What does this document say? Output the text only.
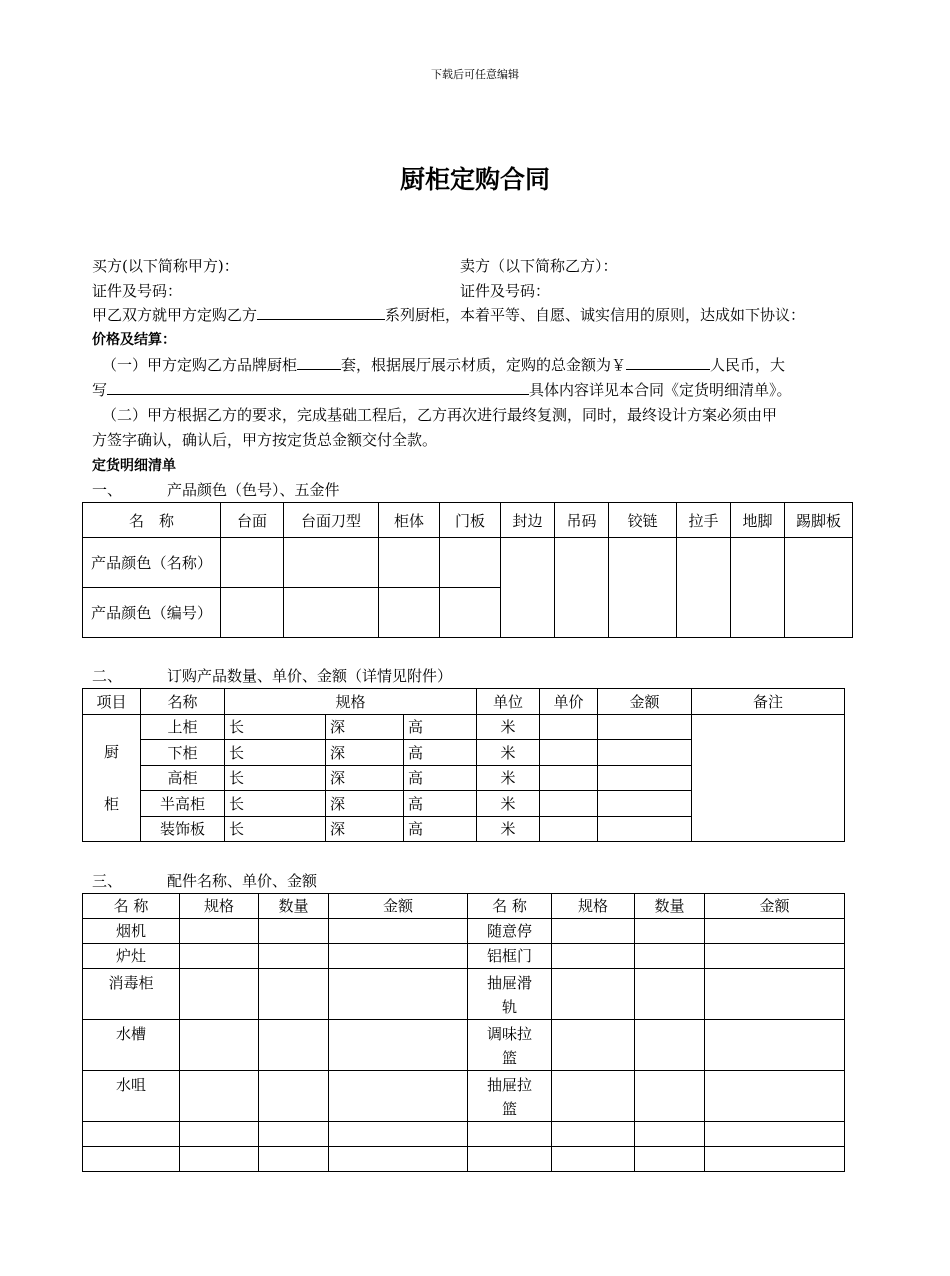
下载后可任意编辑
厨柜定购合同
买方(以下简称甲方)：	卖方（以下简称乙方）：
证件及号码：	证件及号码：
甲乙双方就甲方定购乙方	系列厨柜，本着平等、自愿、诚实信用的原则，达成如下协议：
价格及结算：
（一）甲方定购乙方品牌厨柜	套，根据展厅展示材质，定购的总金额为￥	人民币，大
写	具体内容详见本合同《定货明细清单》。
（二）甲方根据乙方的要求，完成基础工程后，乙方再次进行最终复测，同时，最终设计方案必须由甲
方签字确认，确认后，甲方按定货总金额交付全款。
定货明细清单
一、	产品颜色（色号）、五金件
名　称	台面	台面刀型	柜体	门板	封边	吊码	铰链	拉手	地脚	踢脚板
产品颜色（名称）										
产品颜色（编号）										
二、	订购产品数量、单价、金额（详情见附件）
项目	名称	规格			单位	单价	金额	备注

厨
柜	上柜	长	深	高	米			
	下柜	长	深	高	米			
	高柜	长	深	高	米			
	半高柜	长	深	高	米			
	装饰板	长	深	高	米			
三、	配件名称、单价、金额
名 称	规格	数量	金额	名 称	规格	数量	金额
烟机				随意停			
炉灶				铝框门			
消毒柜				抽屉滑轨			

水槽				调味拉篮			

水咀				抽屉拉篮			
